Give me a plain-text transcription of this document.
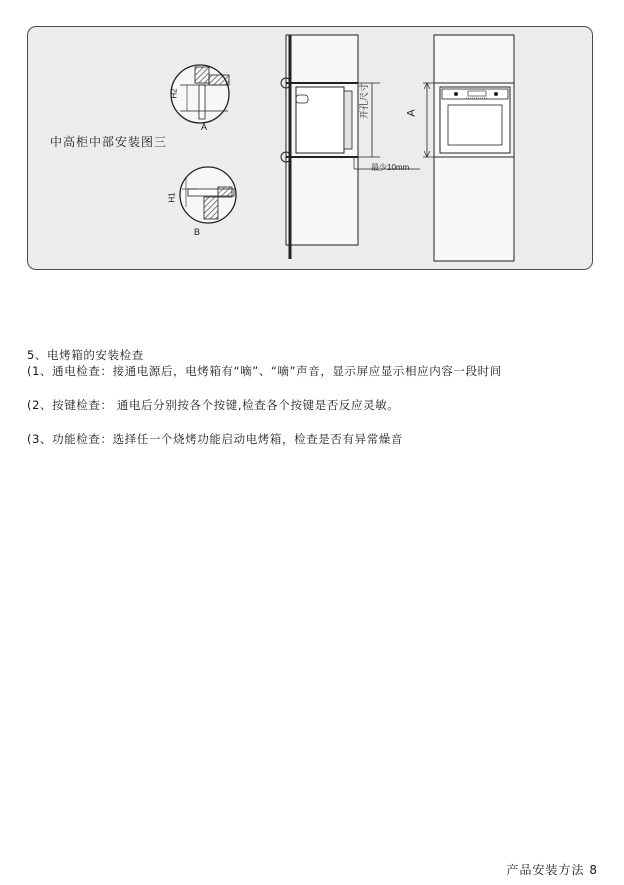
中高柜中部安装图三
A
B
H2
H1
A
开孔尺寸
最少10mm
5、电烤箱的安装检查
(1、通电检查：接通电源后，电烤箱有“嘀”、“嘀”声音，显示屏应显示相应内容一段时间
(2、按键检查： 通电后分别按各个按键,检查各个按键是否反应灵敏。
(3、功能检查：选择任一个烧烤功能启动电烤箱，检查是否有异常燥音
产品安装方法 8
